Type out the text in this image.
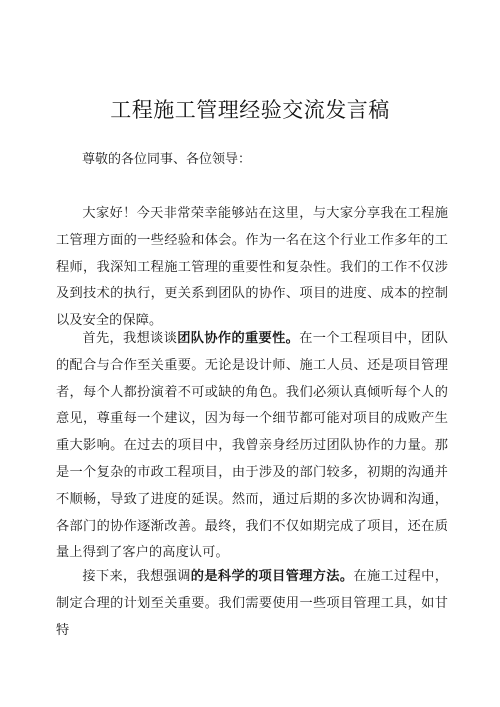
工程施工管理经验交流发言稿

尊敬的各位同事、各位领导：

大家好！今天非常荣幸能够站在这里，与大家分享我在工程施工管理方面的一些经验和体会。作为一名在这个行业工作多年的工程师，我深知工程施工管理的重要性和复杂性。我们的工作不仅涉及到技术的执行，更关系到团队的协作、项目的进度、成本的控制以及安全的保障。

首先，我想谈谈团队协作的重要性。在一个工程项目中，团队的配合与合作至关重要。无论是设计师、施工人员、还是项目管理者，每个人都扮演着不可或缺的角色。我们必须认真倾听每个人的意见，尊重每一个建议，因为每一个细节都可能对项目的成败产生重大影响。在过去的项目中，我曾亲身经历过团队协作的力量。那是一个复杂的市政工程项目，由于涉及的部门较多，初期的沟通并不顺畅，导致了进度的延误。然而，通过后期的多次协调和沟通，各部门的协作逐渐改善。最终，我们不仅如期完成了项目，还在质量上得到了客户的高度认可。

接下来，我想强调的是科学的项目管理方法。在施工过程中，制定合理的计划至关重要。我们需要使用一些项目管理工具，如甘特
